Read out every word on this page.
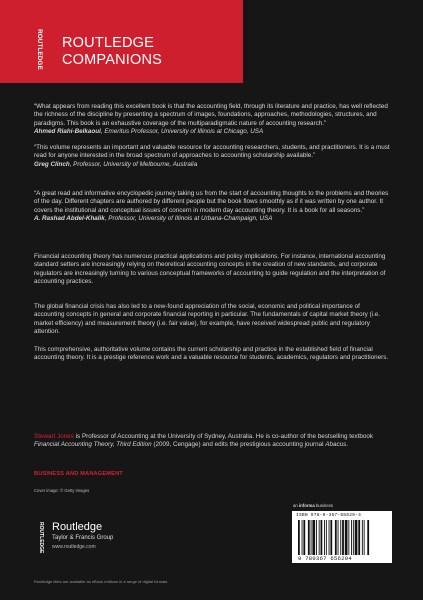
ROUTLEDGE ROUTLEDGE
COMPANIONS
“What appears from reading this excellent book is that the accounting field, through its literature and practice, has well reflected the richness of the discipline by presenting a spectrum of images, foundations, approaches, methodologies, structures, and paradigms. This book is an exhaustive coverage of the multiparadigmatic nature of accounting research.”
Ahmed Riahi-Belkaoui, Emeritus Professor, University of Illinois at Chicago, USA
“This volume represents an important and valuable resource for accounting researchers, students, and practitioners. It is a must read for anyone interested in the broad spectrum of approaches to accounting scholarship available.”
Greg Clinch, Professor, University of Melbourne, Australia
“A great read and informative encyclopedic journey taking us from the start of accounting thoughts to the problems and theories of the day. Different chapters are authored by different people but the book flows smoothly as if it was written by one author. It covers the institutional and conceptual issues of concern in modern day accounting theory. It is a book for all seasons.”
A. Rashad Abdel-Khalik, Professor, University of Illinois at Urbana-Champaign, USA
Financial accounting theory has numerous practical applications and policy implications. For instance, international accounting standard setters are increasingly relying on theoretical accounting concepts in the creation of new standards, and corporate regulators are increasingly turning to various conceptual frameworks of accounting to guide regulation and the interpretation of accounting practices.
The global financial crisis has also led to a new-found appreciation of the social, economic and political importance of accounting concepts in general and corporate financial reporting in particular. The fundamentals of capital market theory (i.e. market efficiency) and measurement theory (i.e. fair value), for example, have received widespread public and regulatory attention.
This comprehensive, authoritative volume contains the current scholarship and practice in the established field of financial accounting theory. It is a prestige reference work and a valuable resource for students, academics, regulators and practitioners.
Stewart Jones is Professor of Accounting at the University of Sydney, Australia. He is co-author of the bestselling textbook Financial Accounting Theory, Third Edition (2009, Cengage) and edits the prestigious accounting journal Abacus.
BUSINESS AND MANAGEMENT
Cover image: © Getty Images
an informa business
ISBN 978-0-367-65629-4
9 780367 656294
ROUTLEDGE Routledge
Taylor & Francis Group
www.routledge.com
Routledge titles are available as eBook editions in a range of digital formats
